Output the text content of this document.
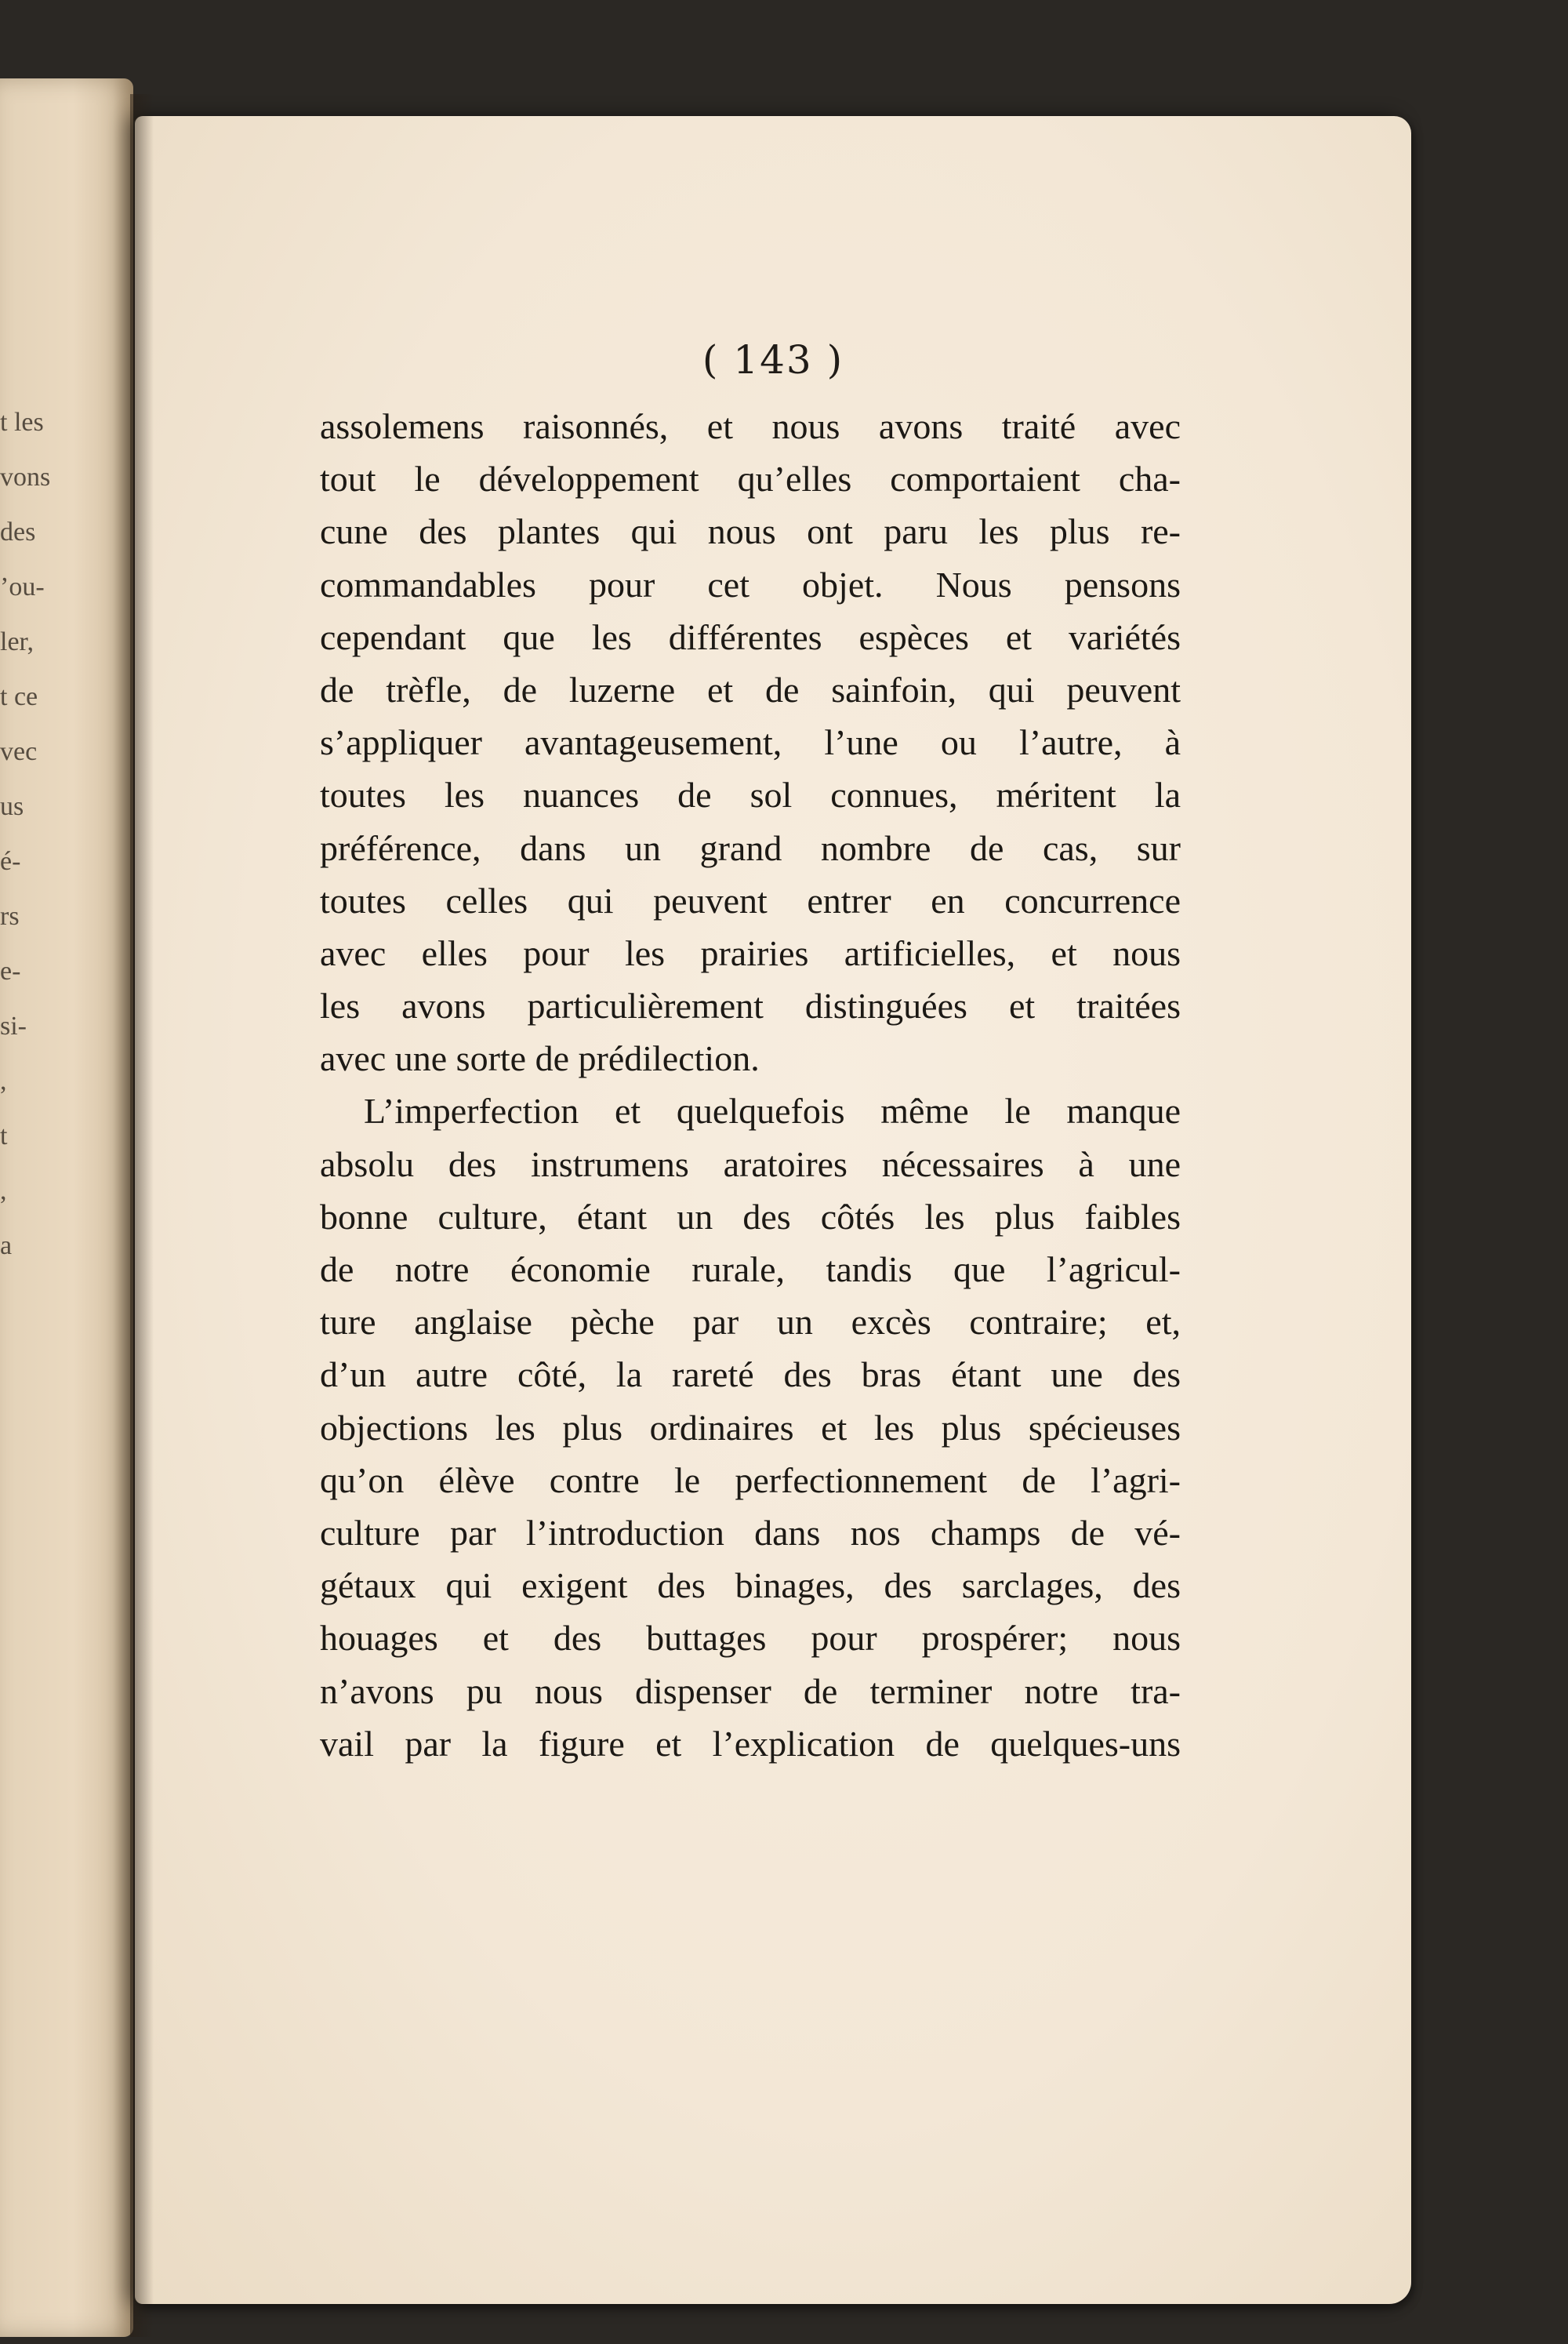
t les
vons
des
’ou-
ler,
t ce
vec
us
é-
rs
e-
si-
,
t
,
a
( 143 )
assolemens raisonnés, et nous avons traité avec
tout le développement qu’elles comportaient cha-
cune des plantes qui nous ont paru les plus re-
commandables pour cet objet. Nous pensons
cependant que les différentes espèces et variétés
de trèfle, de luzerne et de sainfoin, qui peuvent
s’appliquer avantageusement, l’une ou l’autre, à
toutes les nuances de sol connues, méritent la
préférence, dans un grand nombre de cas, sur
toutes celles qui peuvent entrer en concurrence
avec elles pour les prairies artificielles, et nous
les avons particulièrement distinguées et traitées
avec une sorte de prédilection.
L’imperfection et quelquefois même le manque
absolu des instrumens aratoires nécessaires à une
bonne culture, étant un des côtés les plus faibles
de notre économie rurale, tandis que l’agricul-
ture anglaise pèche par un excès contraire; et,
d’un autre côté, la rareté des bras étant une des
objections les plus ordinaires et les plus spécieuses
qu’on élève contre le perfectionnement de l’agri-
culture par l’introduction dans nos champs de vé-
gétaux qui exigent des binages, des sarclages, des
houages et des buttages pour prospérer; nous
n’avons pu nous dispenser de terminer notre tra-
vail par la figure et l’explication de quelques-uns
